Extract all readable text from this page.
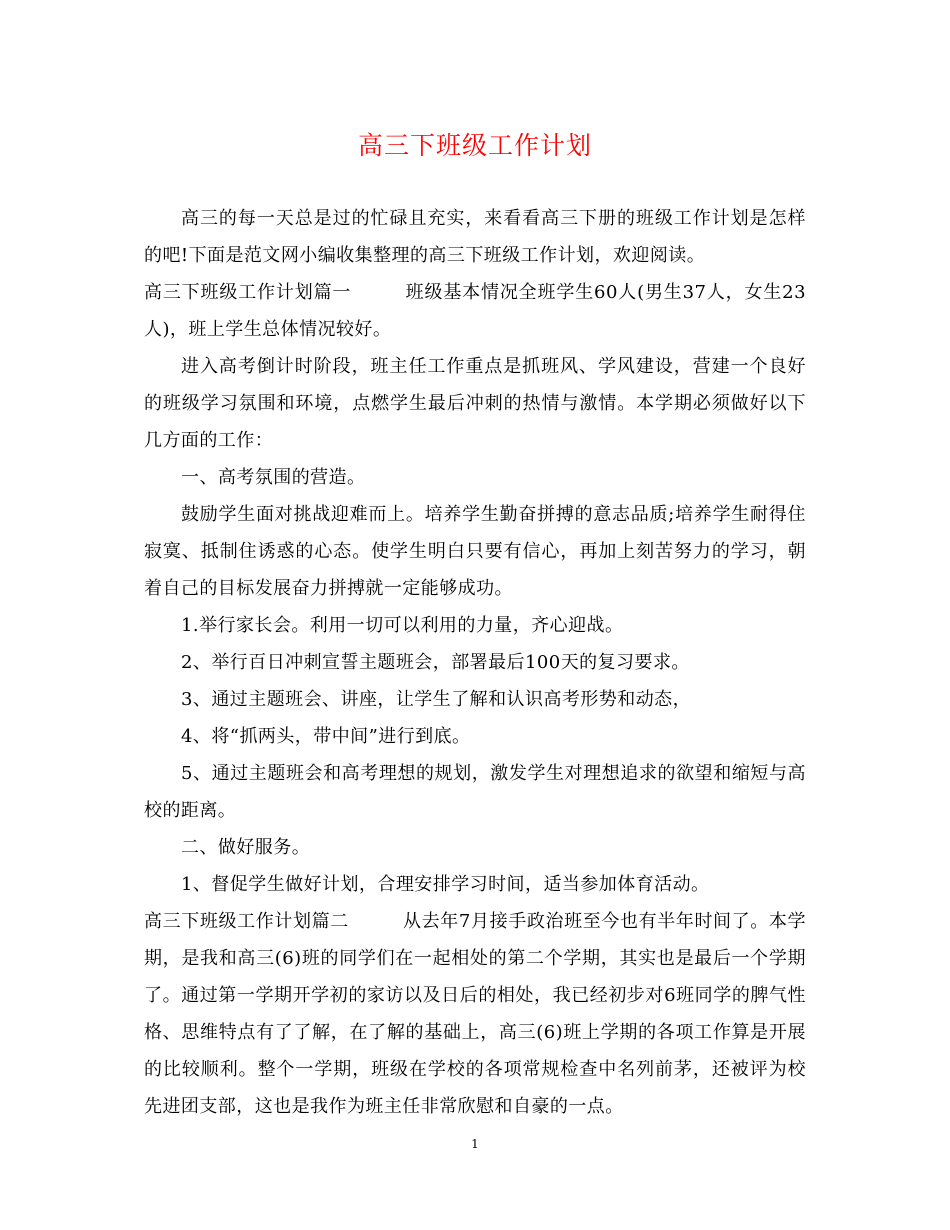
高三下班级工作计划

高三的每一天总是过的忙碌且充实，来看看高三下册的班级工作计划是怎样的吧!下面是范文网小编收集整理的高三下班级工作计划，欢迎阅读。

高三下班级工作计划篇一	班级基本情况全班学生60人(男生37人，女生23人)，班上学生总体情况较好。

进入高考倒计时阶段，班主任工作重点是抓班风、学风建设，营建一个良好的班级学习氛围和环境，点燃学生最后冲刺的热情与激情。本学期必须做好以下几方面的工作：

一、高考氛围的营造。

鼓励学生面对挑战迎难而上。培养学生勤奋拼搏的意志品质;培养学生耐得住寂寞、抵制住诱惑的心态。使学生明白只要有信心，再加上刻苦努力的学习，朝着自己的目标发展奋力拼搏就一定能够成功。

1.举行家长会。利用一切可以利用的力量，齐心迎战。

2、举行百日冲刺宣誓主题班会，部署最后100天的复习要求。

3、通过主题班会、讲座，让学生了解和认识高考形势和动态，

4、将“抓两头，带中间”进行到底。

5、通过主题班会和高考理想的规划，激发学生对理想追求的欲望和缩短与高校的距离。

二、做好服务。

1、督促学生做好计划，合理安排学习时间，适当参加体育活动。

高三下班级工作计划篇二	从去年7月接手政治班至今也有半年时间了。本学期，是我和高三(6)班的同学们在一起相处的第二个学期，其实也是最后一个学期了。通过第一学期开学初的家访以及日后的相处，我已经初步对6班同学的脾气性格、思维特点有了了解，在了解的基础上，高三(6)班上学期的各项工作算是开展的比较顺利。整个一学期，班级在学校的各项常规检查中名列前茅，还被评为校先进团支部，这也是我作为班主任非常欣慰和自豪的一点。

1
